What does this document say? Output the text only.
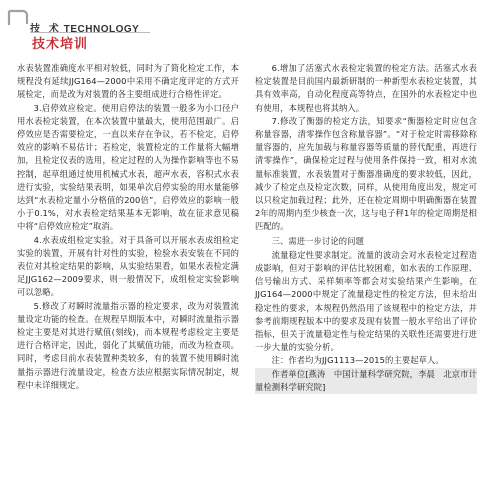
技 术 TECHNOLOGY
技术培训

水表装置准确度水平相对较低，同时为了简化检定工作，本规程没有延续JJG164—2000中采用不确定度评定的方式开展检定，而是改为对装置的各主要组成进行合格性评定。

3.启停效应检定。使用启停法的装置一般多为小口径户用水表检定装置，在本次装置中量最大，使用范围最广。启停效应是否需要检定，一直以来存在争议，若不检定，启停效应的影响不易估计；若检定，装置检定的工作量将大幅增加，且检定仪表的选用，检定过程的人为操作影响等也不易控制，起草组通过使用机械式水表，超声水表，容积式水表进行实验，实验结果表明，如果单次启停实验的用水量能够达到“水表检定量小分格值的200倍”，启停效应的影响一般小于0.1%，对水表检定结果基本无影响，故在征求意见稿中将“启停效应检定”取消。

4.水表成组检定实验。对于具备可以开展水表成组检定实验的装置，开展有针对性的实验，检验水表安装在不同的表位对其检定结果的影响，从实验结果看，如果水表检定满足JJG162—2009要求，则一般情况下，成组检定实验影响可以忽略。

5.修改了对瞬时流量指示器的检定要求，改为对装置流量设定功能的检查。在规程早期版本中，对瞬时流量指示器检定主要是对其进行赋值(刻线)，而本规程考虑检定主要是进行合格评定，因此，弱化了其赋值功能，而改为检查项。同时，考虑目前水表装置种类较多，有的装置不使用瞬时流量指示器进行流量设定，检查方法应根据实际情况制定，规程中未详细规定。

6.增加了活塞式水表检定装置的检定方法。活塞式水表检定装置是目前国内最新研制的一种新型水表检定装置，其具有效率高，自动化程度高等特点，在国外的水表检定中也有使用，本规程也将其纳入。

7.修改了衡器的检定方法，知要求“衡器检定时应包含称量容器，清零操作包含称量容器”。“对于检定时需移除称量容器的，应先加载与称量容器等质量的替代配重，再进行清零操作”，确保检定过程与使用条件保持一致，相对水流量标准装置，水表装置对于衡器准确度的要求较低，因此，减少了检定点及检定次数，同样，从使用角度出发，规定可以只检定加载过程；此外，还在检定周期中明确衡器在装置2年的周期内至少核查一次，这与电子秤1年的检定周期是相匹配的。

三、需进一步讨论的问题

流量稳定性要求制定。流量的波动会对水表检定过程造成影响，但对于影响的评估比较困难，如水表的工作原理、信号输出方式、采样频率等都会对实验结果产生影响，在JJG164—2000中规定了流量稳定性的检定方法，但未给出稳定性的要求，本规程仍然沿用了该规程中的检定方法，并参考前期规程版本中的要求及现有装置一般水平给出了评价指标，但关于流量稳定性与检定结果的关联性还需要进行进一步大量的实验分析。

注：作者均为JJG1113—2015的主要起草人。

作者单位[燕涛　中国计量科学研究院，李晨　北京市计量检测科学研究院]
